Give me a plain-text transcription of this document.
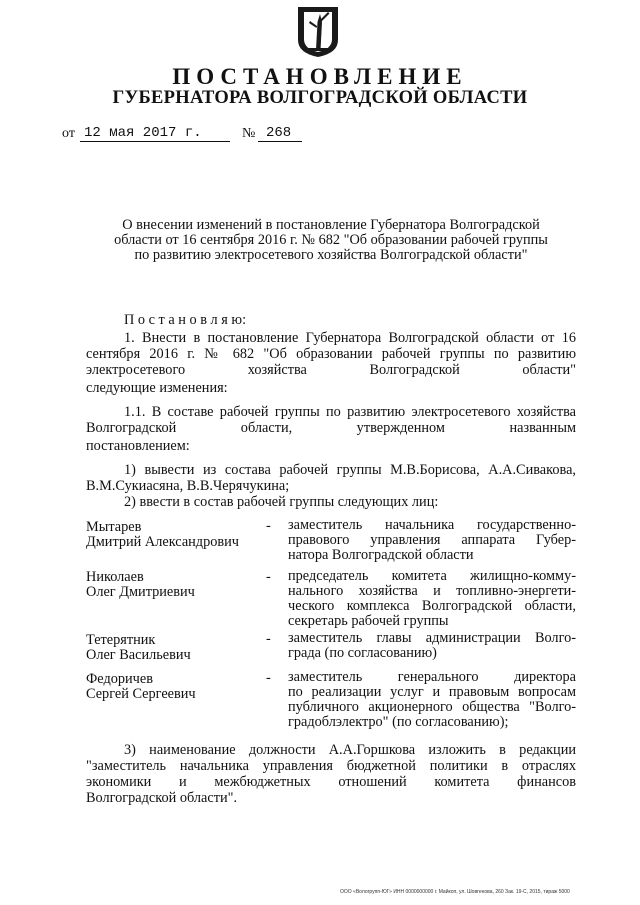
ПОСТАНОВЛЕНИЕ
ГУБЕРНАТОРА ВОЛГОГРАДСКОЙ ОБЛАСТИ
от 12 мая 2017 г.	№ 268
О внесении изменений в постановление Губернатора Волгоградской
области от 16 сентября 2016 г. № 682 "Об образовании рабочей группы
по развитию электросетевого хозяйства Волгоградской области"
П о с т а н о в л я ю:
1. Внести в постановление Губернатора Волгоградской области от 16 сентября 2016 г. № 682 "Об образовании рабочей группы по развитию электросетевого хозяйства Волгоградской области"
следующие изменения:
1.1. В составе рабочей группы по развитию электросетевого хозяйства Волгоградской области, утвержденном названным
постановлением:
1) вывести из состава рабочей группы М.В.Борисова, А.А.Сивакова,
В.М.Сукиасяна, В.В.Черячукина;
2) ввести в состав рабочей группы следующих лиц:
Мытарев
Дмитрий Александрович
- заместитель начальника государственно-
правового управления аппарата Губер-
натора Волгоградской области
Николаев
Олег Дмитриевич
- председатель комитета жилищно-комму-
нального хозяйства и топливно-энергети-
ческого комплекса Волгоградской области,
секретарь рабочей группы
Тетерятник
Олег Васильевич
- заместитель главы администрации Волго-
града (по согласованию)
Федоричев
Сергей Сергеевич
- заместитель генерального директора
по реализации услуг и правовым вопросам
публичного акционерного общества "Волго-
градоблэлектро" (по согласованию);
3) наименование должности А.А.Горшкова изложить в редакции "заместитель начальника управления бюджетной политики в отраслях экономики и межбюджетных отношений комитета финансов
Волгоградской области".
ООО «Вологрупп-ЮГ» ИНН 0000000000 г. Майкоп, ул. Шовгенова, 260 Зак. 19-С, 2015, тираж 5000
